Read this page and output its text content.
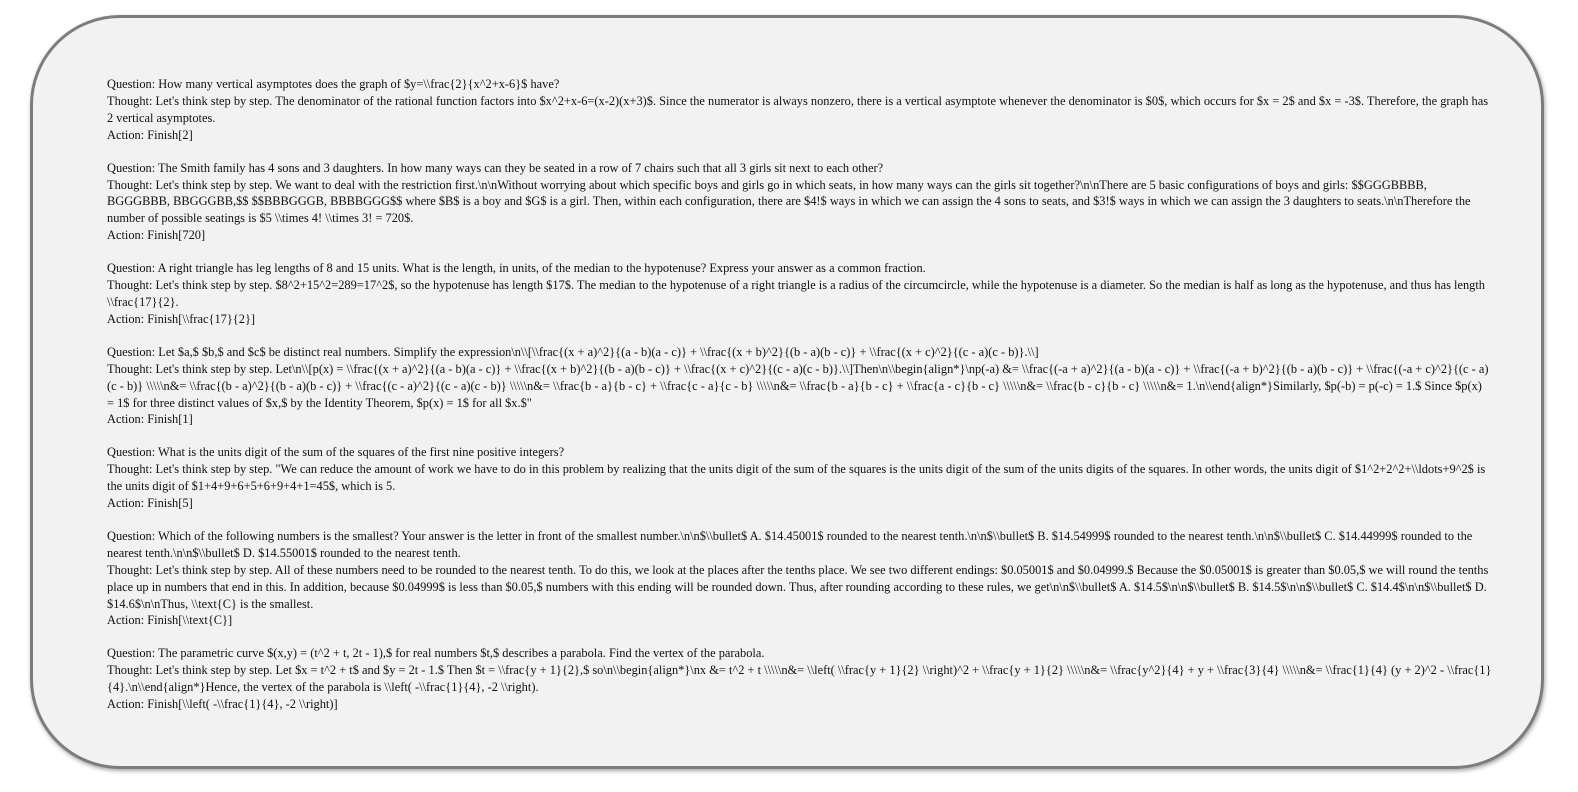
Question: How many vertical asymptotes does the graph of $y=\\frac{2}{x^2+x-6}$ have?
Thought: Let's think step by step. The denominator of the rational function factors into $x^2+x-6=(x-2)(x+3)$. Since the numerator is always nonzero, there is a vertical asymptote whenever the denominator is $0$, which occurs for $x = 2$ and $x = -3$. Therefore, the graph has 2 vertical asymptotes.
Action: Finish[2]
Question: The Smith family has 4 sons and 3 daughters. In how many ways can they be seated in a row of 7 chairs such that all 3 girls sit next to each other?
Thought: Let's think step by step. We want to deal with the restriction first.\n\nWithout worrying about which specific boys and girls go in which seats, in how many ways can the girls sit together?\n\nThere are 5 basic configurations of boys and girls: $$GGGBBBB, BGGGBBB, BBGGGBB,$$ $$BBBGGGB, BBBBGGG$$ where $B$ is a boy and $G$ is a girl. Then, within each configuration, there are $4!$ ways in which we can assign the 4 sons to seats, and $3!$ ways in which we can assign the 3 daughters to seats.\n\nTherefore the number of possible seatings is $5 \\times 4! \\times 3! = 720$.
Action: Finish[720]
Question: A right triangle has leg lengths of 8 and 15 units. What is the length, in units, of the median to the hypotenuse? Express your answer as a common fraction.
Thought: Let's think step by step. $8^2+15^2=289=17^2$, so the hypotenuse has length $17$. The median to the hypotenuse of a right triangle is a radius of the circumcircle, while the hypotenuse is a diameter. So the median is half as long as the hypotenuse, and thus has length \\frac{17}{2}.
Action: Finish[\\frac{17}{2}]
Question: Let $a,$ $b,$ and $c$ be distinct real numbers. Simplify the expression\n\\[\\frac{(x + a)^2}{(a - b)(a - c)} + \\frac{(x + b)^2}{(b - a)(b - c)} + \\frac{(x + c)^2}{(c - a)(c - b)}.\\]
Thought: Let's think step by step. Let\n\\[p(x) = \\frac{(x + a)^2}{(a - b)(a - c)} + \\frac{(x + b)^2}{(b - a)(b - c)} + \\frac{(x + c)^2}{(c - a)(c - b)}.\\]Then\n\\begin{align*}\np(-a) &= \\frac{(-a + a)^2}{(a - b)(a - c)} + \\frac{(-a + b)^2}{(b - a)(b - c)} + \\frac{(-a + c)^2}{(c - a)(c - b)} \\\\\n&= \\frac{(b - a)^2}{(b - a)(b - c)} + \\frac{(c - a)^2}{(c - a)(c - b)} \\\\\n&= \\frac{b - a}{b - c} + \\frac{c - a}{c - b} \\\\\n&= \\frac{b - a}{b - c} + \\frac{a - c}{b - c} \\\\\n&= \\frac{b - c}{b - c} \\\\\n&= 1.\n\\end{align*}Similarly, $p(-b) = p(-c) = 1.$ Since $p(x) = 1$ for three distinct values of $x,$ by the Identity Theorem, $p(x) = 1$ for all $x.$"
Action: Finish[1]
Question: What is the units digit of the sum of the squares of the first nine positive integers?
Thought: Let's think step by step. "We can reduce the amount of work we have to do in this problem by realizing that the units digit of the sum of the squares is the units digit of the sum of the units digits of the squares. In other words, the units digit of $1^2+2^2+\\ldots+9^2$ is the units digit of $1+4+9+6+5+6+9+4+1=45$, which is 5.
Action: Finish[5]
Question: Which of the following numbers is the smallest? Your answer is the letter in front of the smallest number.\n\n$\\bullet$ A. $14.45001$ rounded to the nearest tenth.\n\n$\\bullet$ B. $14.54999$ rounded to the nearest tenth.\n\n$\\bullet$ C. $14.44999$ rounded to the nearest tenth.\n\n$\\bullet$ D. $14.55001$ rounded to the nearest tenth.
Thought: Let's think step by step. All of these numbers need to be rounded to the nearest tenth. To do this, we look at the places after the tenths place. We see two different endings: $0.05001$ and $0.04999.$ Because the $0.05001$ is greater than $0.05,$ we will round the tenths place up in numbers that end in this. In addition, because $0.04999$ is less than $0.05,$ numbers with this ending will be rounded down. Thus, after rounding according to these rules, we get\n\n$\\bullet$ A. $14.5$\n\n$\\bullet$ B. $14.5$\n\n$\\bullet$ C. $14.4$\n\n$\\bullet$ D. $14.6$\n\nThus, \\text{C} is the smallest.
Action: Finish[\\text{C}]
Question: The parametric curve $(x,y) = (t^2 + t, 2t - 1),$ for real numbers $t,$ describes a parabola. Find the vertex of the parabola.
Thought: Let's think step by step. Let $x = t^2 + t$ and $y = 2t - 1.$ Then $t = \\frac{y + 1}{2},$ so\n\\begin{align*}\nx &= t^2 + t \\\\\n&= \\left( \\frac{y + 1}{2} \\right)^2 + \\frac{y + 1}{2} \\\\\n&= \\frac{y^2}{4} + y + \\frac{3}{4} \\\\\n&= \\frac{1}{4} (y + 2)^2 - \\frac{1}{4}.\n\\end{align*}Hence, the vertex of the parabola is \\left( -\\frac{1}{4}, -2 \\right).
Action: Finish[\\left( -\\frac{1}{4}, -2 \\right)]
